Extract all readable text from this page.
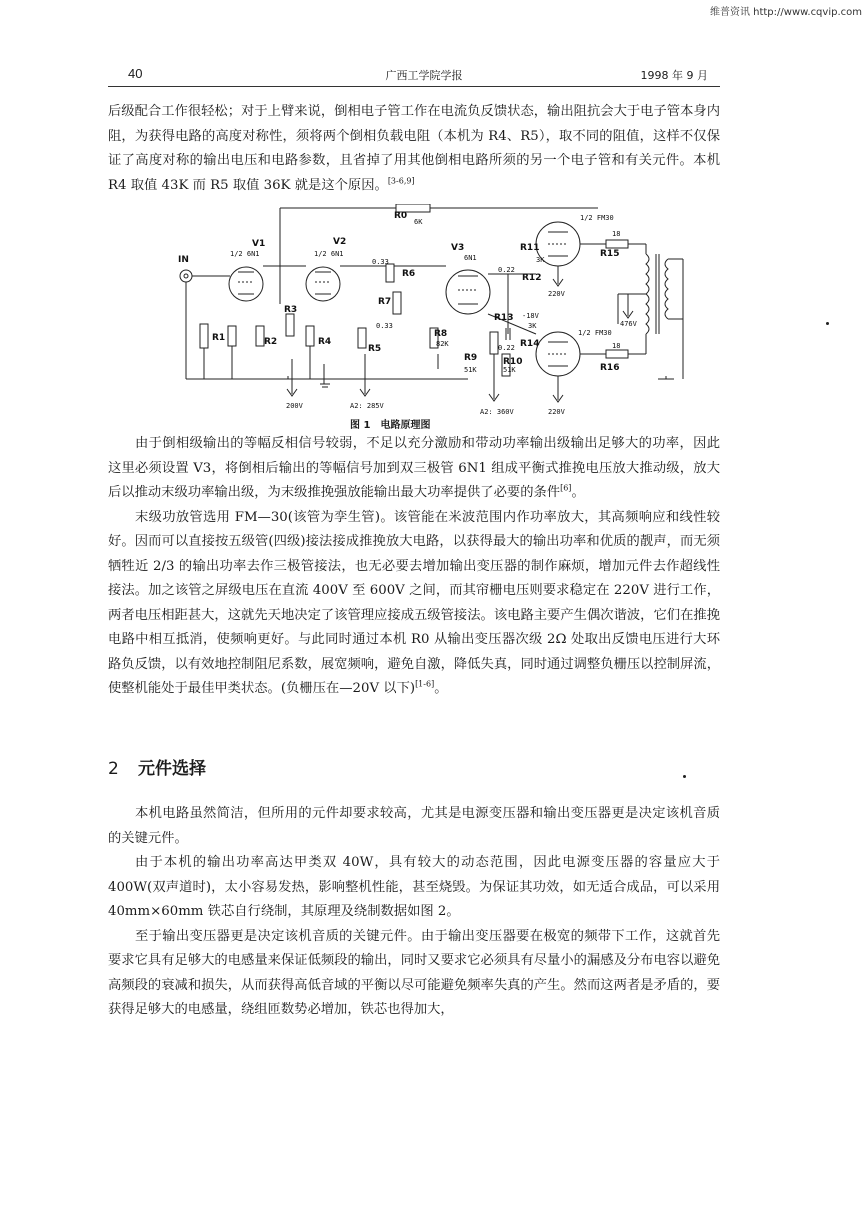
维普资讯 http://www.cqvip.com
40	广西工学院学报	1998 年 9 月

后级配合工作很轻松；对于上臂来说，倒相电子管工作在电流负反馈状态，输出阻抗会大于电子管本身内阻，为获得电路的高度对称性，须将两个倒相负载电阻（本机为 R4、R5），取不同的阻值，这样不仅保证了高度对称的输出电压和电路参数，且省掉了用其他倒相电路所须的另一个电子管和有关元件。本机 R4 取值 43K 而 R5 取值 36K 就是这个原因。[3-6,9]

IN
V1
1/2 6N1
V2
1/2 6N1
V3
6N1
R0
6K
R1	R2
R3
R4
R5
R6
R7
R8
82K
R9
51K
R10
51K
R11
R12
R13
R14
R15
R16
0.33
0.33
0.22
0.22
1/2 FM30
1/2 FM30
200V	A2: 285V
A2: 360V
220V
220V
476V
-18V
3K
3K
18
18
图 1 电路原理图

由于倒相级输出的等幅反相信号较弱，不足以充分激励和带动功率输出级输出足够大的功率，因此这里必须设置 V3，将倒相后输出的等幅信号加到双三极管 6N1 组成平衡式推挽电压放大推动级，放大后以推动末级功率输出级，为末级推挽强放能输出最大功率提供了必要的条件[6]。

末级功放管选用 FM—30(该管为孪生管)。该管能在米波范围内作功率放大，其高频响应和线性较好。因而可以直接按五级管(四级)接法接成推挽放大电路，以获得最大的输出功率和优质的靓声，而无须牺牲近 2/3 的输出功率去作三极管接法，也无必要去增加输出变压器的制作麻烦，增加元件去作超线性接法。加之该管之屏级电压在直流 400V 至 600V 之间，而其帘栅电压则要求稳定在 220V 进行工作，两者电压相距甚大，这就先天地决定了该管理应接成五级管接法。该电路主要产生偶次谐波，它们在推挽电路中相互抵消，使频响更好。与此同时通过本机 R0 从输出变压器次级 2Ω 处取出反馈电压进行大环路负反馈，以有效地控制阻尼系数，展宽频响，避免自激，降低失真，同时通过调整负栅压以控制屏流，使整机能处于最佳甲类状态。(负栅压在—20V 以下)[1-6]。

2 元件选择

本机电路虽然简洁，但所用的元件却要求较高，尤其是电源变压器和输出变压器更是决定该机音质的关键元件。

由于本机的输出功率高达甲类双 40W，具有较大的动态范围，因此电源变压器的容量应大于 400W(双声道时)，太小容易发热，影响整机性能，甚至烧毁。为保证其功效，如无适合成品，可以采用 40mm×60mm 铁芯自行绕制，其原理及绕制数据如图 2。

至于输出变压器更是决定该机音质的关键元件。由于输出变压器要在极宽的频带下工作，这就首先要求它具有足够大的电感量来保证低频段的输出，同时又要求它必须具有尽量小的漏感及分布电容以避免高频段的衰减和损失，从而获得高低音域的平衡以尽可能避免频率失真的产生。然而这两者是矛盾的，要获得足够大的电感量，绕组匝数势必增加，铁芯也得加大，
